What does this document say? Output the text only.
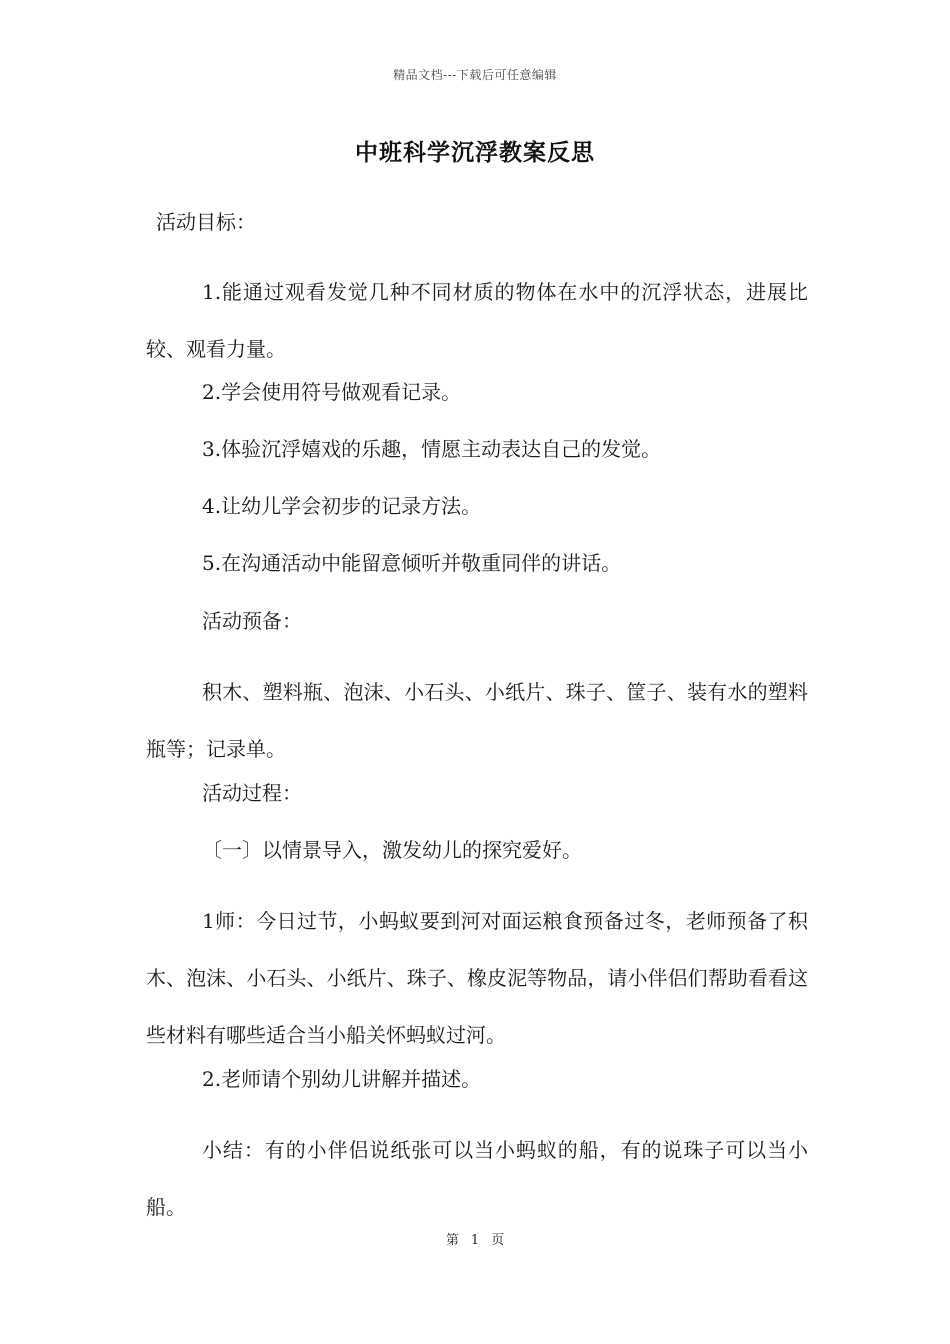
精品文档---下载后可任意编辑
中班科学沉浮教案反思

活动目标：

1.能通过观看发觉几种不同材质的物体在水中的沉浮状态，进展比较、观看力量。

2.学会使用符号做观看记录。

3.体验沉浮嬉戏的乐趣，情愿主动表达自己的发觉。

4.让幼儿学会初步的记录方法。

5.在沟通活动中能留意倾听并敬重同伴的讲话。

活动预备：

积木、塑料瓶、泡沫、小石头、小纸片、珠子、筐子、装有水的塑料瓶等；记录单。

活动过程：

〔一〕以情景导入，激发幼儿的探究爱好。

1师：今日过节，小蚂蚁要到河对面运粮食预备过冬，老师预备了积木、泡沫、小石头、小纸片、珠子、橡皮泥等物品，请小伴侣们帮助看看这些材料有哪些适合当小船关怀蚂蚁过河。

2.老师请个别幼儿讲解并描述。

小结：有的小伴侣说纸张可以当小蚂蚁的船，有的说珠子可以当小船。

第 1 页
